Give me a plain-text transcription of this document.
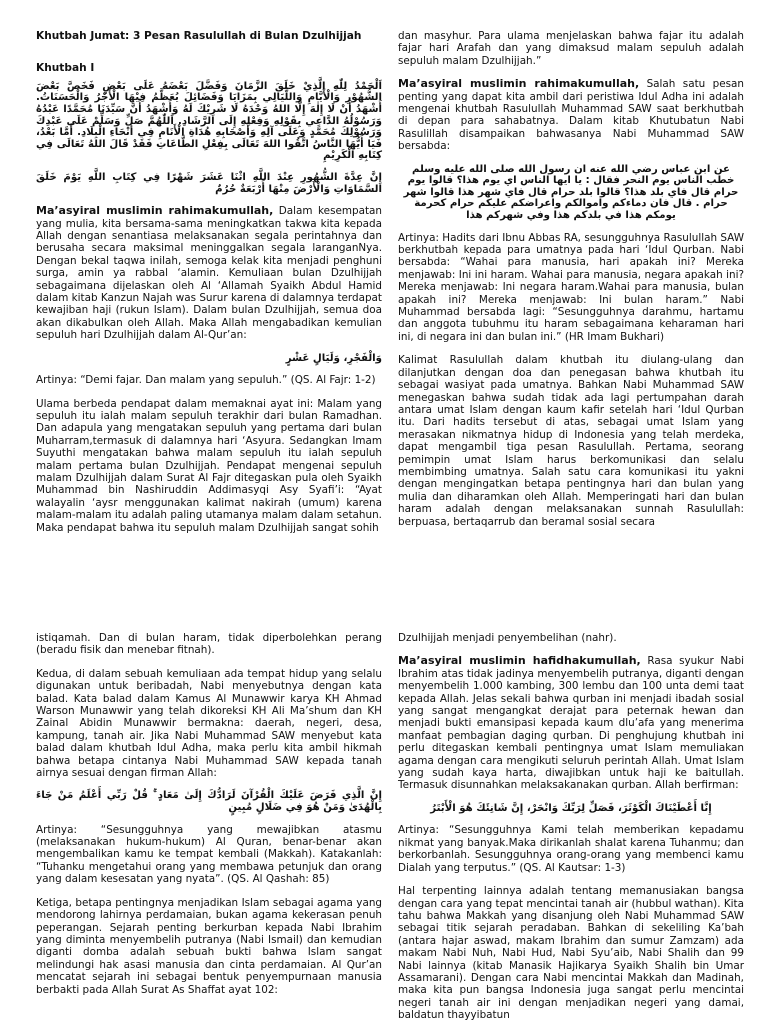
Khutbah Jumat: 3 Pesan Rasulullah di Bulan Dzulhijjah

Khutbah I

اَلْحَمْدُ لِلّٰهِ الَّذِيْ خَلَقَ الزَّمَانَ وَفَضَّلَ بَعْضَهُ عَلَى بَعْضٍ فَخَصَّ بَعْضَ الشُّهُوْرِ وَالْأَيَّامِ وَاللَّيَالِي بِمَزَايَا وَفَضَائِلَ يُعَظَّمُ فِيْهَا الْأَجْرُ وَالْحَسَنَاتُ. أَشْهَدُ أَنْ لَا إِلٰهَ إِلَّا اللهُ وَحْدَهُ لَا شَرِيْكَ لَهُ وَأَشْهَدُ أَنَّ سَيِّدَنَا مُحَمَّدًا عَبْدُهُ وَرَسُوْلُهُ الدَّاعِي بِقَوْلِهِ وَفِعْلِهِ إِلَى الرَّشَادِ. اَللّٰهُمَّ صَلِّ وَسَلِّمْ عَلَى عَبْدِكَ وَرَسُوْلِكَ مُحَمَّدٍ وَعَلَى آلِهِ وَأَصْحَابِهِ هُدَاةِ الْأَنَامِ فِي أَنْحَاءِ الْبِلَادِ. أَمَّا بَعْدُ، فَيَا أَيُّهَا النَّاسُ اتَّقُوا اللهَ تَعَالَى بِفِعْلِ الطَّاعَاتِ فَقَدْ قَالَ اللهُ تَعَالَى فِي كِتَابِهِ الْكَرِيْمِ

إِنَّ عِدَّةَ الشُّهُورِ عِنْدَ اللَّهِ اثْنَا عَشَرَ شَهْرًا فِي كِتَابِ اللَّهِ يَوْمَ خَلَقَ السَّمَاوَاتِ وَالْأَرْضَ مِنْهَا أَرْبَعَةٌ حُرُمٌ

Ma’asyiral muslimin rahimakumullah, Dalam kesempatan yang mulia, kita bersama-sama meningkatkan takwa kita kepada Allah dengan senantiasa melaksanakan segala perintahnya dan berusaha secara maksimal meninggalkan segala laranganNya. Dengan bekal taqwa inilah, semoga kelak kita menjadi penghuni surga, amin ya rabbal ‘alamin. Kemuliaan bulan Dzulhijjah sebagaimana dijelaskan oleh Al ‘Allamah Syaikh Abdul Hamid dalam kitab Kanzun Najah was Surur karena di dalamnya terdapat kewajiban haji (rukun Islam). Dalam bulan Dzulhijjah, semua doa akan dikabulkan oleh Allah. Maka Allah mengabadikan kemulian sepuluh hari Dzulhijjah dalam Al-Qur’an:

وَالْفَجْرِ، وَلَيَالٍ عَشْرٍ

Artinya: “Demi fajar. Dan malam yang sepuluh.” (QS. Al Fajr: 1-2)

Ulama berbeda pendapat dalam memaknai ayat ini: Malam yang sepuluh itu ialah malam sepuluh terakhir dari bulan Ramadhan. Dan adapula yang mengatakan sepuluh yang pertama dari bulan Muharram,termasuk di dalamnya hari ‘Asyura. Sedangkan Imam Suyuthi mengatakan bahwa malam sepuluh itu ialah sepuluh malam pertama bulan Dzulhijjah. Pendapat mengenai sepuluh malam Dzulhijjah dalam Surat Al Fajr ditegaskan pula oleh Syaikh Muhammad bin Nashiruddin Addimasyqi Asy Syafi’i: “Ayat walayalin ‘aysr menggunakan kalimat nakirah (umum) karena malam-malam itu adalah paling utamanya malam dalam setahun. Maka pendapat bahwa itu sepuluh malam Dzulhijjah sangat sohih

dan masyhur. Para ulama menjelaskan bahwa fajar itu adalah fajar hari Arafah dan yang dimaksud malam sepuluh adalah sepuluh malam Dzulhijjah.”

Ma’asyiral muslimin rahimakumullah, Salah satu pesan penting yang dapat kita ambil dari peristiwa Idul Adha ini adalah mengenai khutbah Rasulullah Muhammad SAW saat berkhutbah di depan para sahabatnya. Dalam kitab Khutubatun Nabi Rasulillah disampaikan bahwasanya Nabi Muhammad SAW bersabda:

عن ابن عباس رضي الله عنه ان رسول الله صلى الله عليه وسلم خطب الناس يوم النحر فقال : يا ايها الناس اي يوم هذا؟ قالوا يوم حرام قال فاي بلد هذا؟ قالوا بلد حرام قال فاي شهر هذا قالوا شهر حرام . قال فان دماءكم واموالكم واعراضكم عليكم حرام كحرمة يومكم هذا في بلدكم هذا وفي شهركم هذا

Artinya: Hadits dari Ibnu Abbas RA, sesungguhnya Rasulullah SAW berkhutbah kepada para umatnya pada hari ‘Idul Qurban. Nabi bersabda: “Wahai para manusia, hari apakah ini? Mereka menjawab: Ini ini haram. Wahai para manusia, negara apakah ini? Mereka menjawab: Ini negara haram.Wahai para manusia, bulan apakah ini? Mereka menjawab: Ini bulan haram.” Nabi Muhammad bersabda lagi: “Sesungguhnya darahmu, hartamu dan anggota tubuhmu itu haram sebagaimana keharaman hari ini, di negara ini dan bulan ini.” (HR Imam Bukhari)

Kalimat Rasulullah dalam khutbah itu diulang-ulang dan dilanjutkan dengan doa dan penegasan bahwa khutbah itu sebagai wasiyat pada umatnya. Bahkan Nabi Muhammad SAW menegaskan bahwa sudah tidak ada lagi pertumpahan darah antara umat Islam dengan kaum kafir setelah hari ‘Idul Qurban itu. Dari hadits tersebut di atas, sebagai umat Islam yang merasakan nikmatnya hidup di Indonesia yang telah merdeka, dapat mengambil tiga pesan Rasulullah. Pertama, seorang pemimpin umat Islam harus berkomunikasi dan selalu membimbing umatnya. Salah satu cara komunikasi itu yakni dengan mengingatkan betapa pentingnya hari dan bulan yang mulia dan diharamkan oleh Allah. Memperingati hari dan bulan haram adalah dengan melaksanakan sunnah Rasulullah: berpuasa, bertaqarrub dan beramal sosial secara

istiqamah. Dan di bulan haram, tidak diperbolehkan perang (beradu fisik dan menebar fitnah).

Kedua, di dalam sebuah kemuliaan ada tempat hidup yang selalu digunakan untuk beribadah, Nabi menyebutnya dengan kata balad. Kata balad dalam Kamus Al Munawwir karya KH Ahmad Warson Munawwir yang telah dikoreksi KH Ali Ma’shum dan KH Zainal Abidin Munawwir bermakna: daerah, negeri, desa, kampung, tanah air. Jika Nabi Muhammad SAW menyebut kata balad dalam khutbah Idul Adha, maka perlu kita ambil hikmah bahwa betapa cintanya Nabi Muhammad SAW kepada tanah airnya sesuai dengan firman Allah:

إِنَّ الَّذِي فَرَضَ عَلَيْكَ الْقُرْآنَ لَرَادُّكَ إِلَىٰ مَعَادٍ ۚ قُلْ رَبِّي أَعْلَمُ مَنْ جَاءَ بِالْهُدَىٰ وَمَنْ هُوَ فِي ضَلَالٍ مُبِينٍ

Artinya: “Sesungguhnya yang mewajibkan atasmu (melaksanakan hukum-hukum) Al Quran, benar-benar akan mengembalikan kamu ke tempat kembali (Makkah). Katakanlah: “Tuhanku mengetahui orang yang membawa petunjuk dan orang yang dalam kesesatan yang nyata”. (QS. Al Qashah: 85)

Ketiga, betapa pentingnya menjadikan Islam sebagai agama yang mendorong lahirnya perdamaian, bukan agama kekerasan penuh peperangan. Sejarah penting berkurban kepada Nabi Ibrahim yang diminta menyembelih putranya (Nabi Ismail) dan kemudian diganti domba adalah sebuah bukti bahwa Islam sangat melindungi hak asasi manusia dan cinta perdamaian. Al Qur’an mencatat sejarah ini sebagai bentuk penyempurnaan manusia berbakti pada Allah Surat As Shaffat ayat 102:

Dzulhijjah menjadi penyembelihan (nahr).

Ma’asyiral muslimin hafidhakumullah, Rasa syukur Nabi Ibrahim atas tidak jadinya menyembelih putranya, diganti dengan menyembelih 1.000 kambing, 300 lembu dan 100 unta demi taat kepada Allah. Jelas sekali bahwa qurban ini menjadi ibadah sosial yang sangat mengangkat derajat para peternak hewan dan menjadi bukti emansipasi kepada kaum dlu’afa yang menerima manfaat pembagian daging qurban. Di penghujung khutbah ini perlu ditegaskan kembali pentingnya umat Islam memuliakan agama dengan cara mengikuti seluruh perintah Allah. Umat Islam yang sudah kaya harta, diwajibkan untuk haji ke baitullah. Termasuk disunnahkan melaksakanakan qurban. Allah berfirman:

إِنَّا أَعْطَيْنَاكَ الْكَوْثَرَ، فَصَلِّ لِرَبِّكَ وَانْحَرْ، إِنَّ شَانِئَكَ هُوَ الْأَبْتَرُ

Artinya: “Sesungguhnya Kami telah memberikan kepadamu nikmat yang banyak.Maka dirikanlah shalat karena Tuhanmu; dan berkorbanlah. Sesungguhnya orang-orang yang membenci kamu Dialah yang terputus.” (QS. Al Kautsar: 1-3)

Hal terpenting lainnya adalah tentang memanusiakan bangsa dengan cara yang tepat mencintai tanah air (hubbul wathan). Kita tahu bahwa Makkah yang disanjung oleh Nabi Muhammad SAW sebagai titik sejarah peradaban. Bahkan di sekeliling Ka’bah (antara hajar aswad, makam Ibrahim dan sumur Zamzam) ada makam Nabi Nuh, Nabi Hud, Nabi Syu’aib, Nabi Shalih dan 99 Nabi lainnya (kitab Manasik Hajikarya Syaikh Shalih bin Umar Assamarani). Dengan cara Nabi mencintai Makkah dan Madinah, maka kita pun bangsa Indonesia juga sangat perlu mencintai negeri tanah air ini dengan menjadikan negeri yang damai, baldatun thayyibatun
